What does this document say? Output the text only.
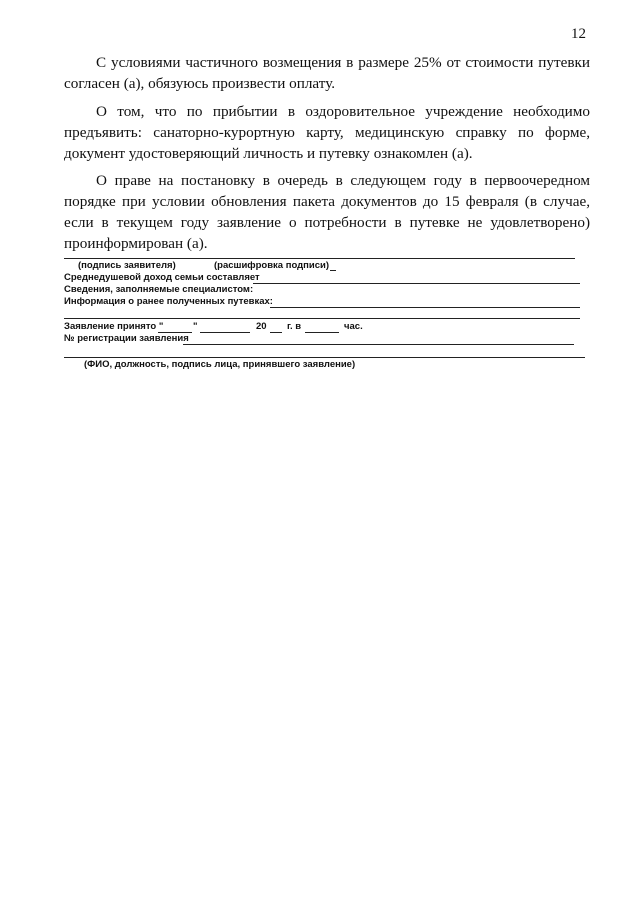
12

С условиями частичного возмещения в размере 25% от стоимости путевки согласен (а), обязуюсь произвести оплату.

О том, что по прибытии в оздоровительное учреждение необходимо предъявить: санаторно-курортную карту, медицинскую справку по форме, документ удостоверяющий личность и путевку ознакомлен (а).

О праве на постановку в очередь в следующем году в первоочередном порядке при условии обновления пакета документов до 15 февраля (в случае, если в текущем году заявление о потребности в путевке не удовлетворено) проинформирован (а).

(подпись заявителя)	(расшифровка подписи)
Среднедушевой доход семьи составляет
Сведения, заполняемые специалистом:
Информация о ранее полученных путевках:
Заявление принято "	"	20 г. в	час.
№ регистрации заявления
(ФИО, должность, подпись лица, принявшего заявление)
